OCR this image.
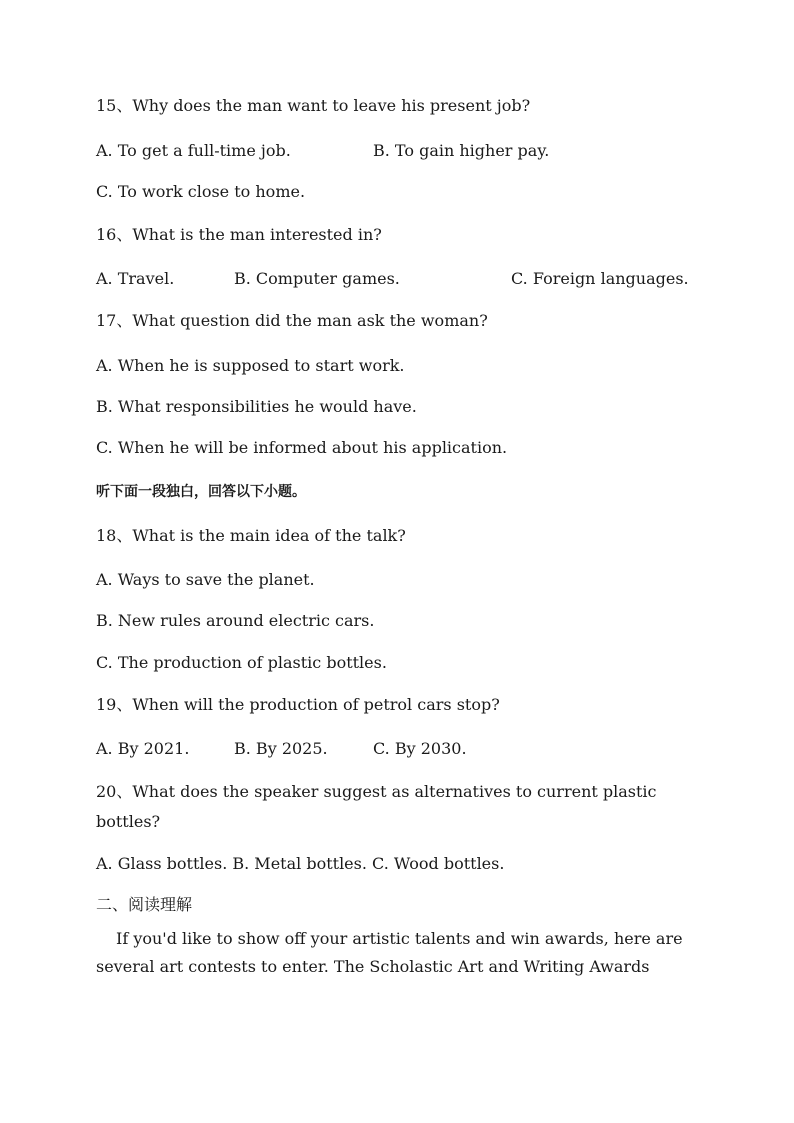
15、Why does the man want to leave his present job?
A. To get a full-time job.	B. To gain higher pay.
C. To work close to home.
16、What is the man interested in?
A. Travel.	B. Computer games.	C. Foreign languages.
17、What question did the man ask the woman?
A. When he is supposed to start work.
B. What responsibilities he would have.
C. When he will be informed about his application.
听下面一段独白，回答以下小题。
18、What is the main idea of the talk?
A. Ways to save the planet.
B. New rules around electric cars.
C. The production of plastic bottles.
19、When will the production of petrol cars stop?
A. By 2021.	B. By 2025.	C. By 2030.
20、What does the speaker suggest as alternatives to current plastic bottles?
A. Glass bottles. B. Metal bottles. C. Wood bottles.
二、阅读理解
If you'd like to show off your artistic talents and win awards, here are several art contests to enter. The Scholastic Art and Writing Awards
